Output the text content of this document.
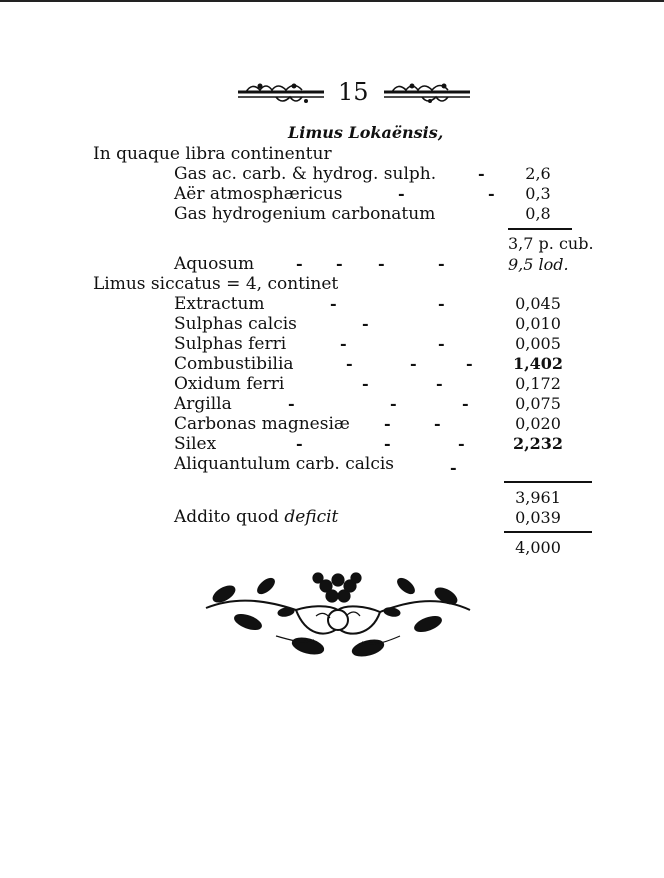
15
Limus Lokaënsis,
In quaque libra continentur
Gas ac. carb. & hydrog. sulph.	-	2,6
Aër atmosphæricus	-	-	0,3
Gas hydrogenium carbonatum	0,8
3,7 p. cub.
Aquosum	- - -	-	9,5 lod.
Limus siccatus = 4, continet
Extractum	-	-	0,045
Sulphas calcis	-	0,010
Sulphas ferri	-	-	0,005
Combustibilia	-	-	-	1,402
Oxidum ferri	-	-	0,172
Argilla	-	-	-	0,075
Carbonas magnesiæ -	-	0,020
Silex	-	-	-	2,232
Aliquantulum carb. calcis	-
3,961
Addito quod deficit	0,039
4,000
